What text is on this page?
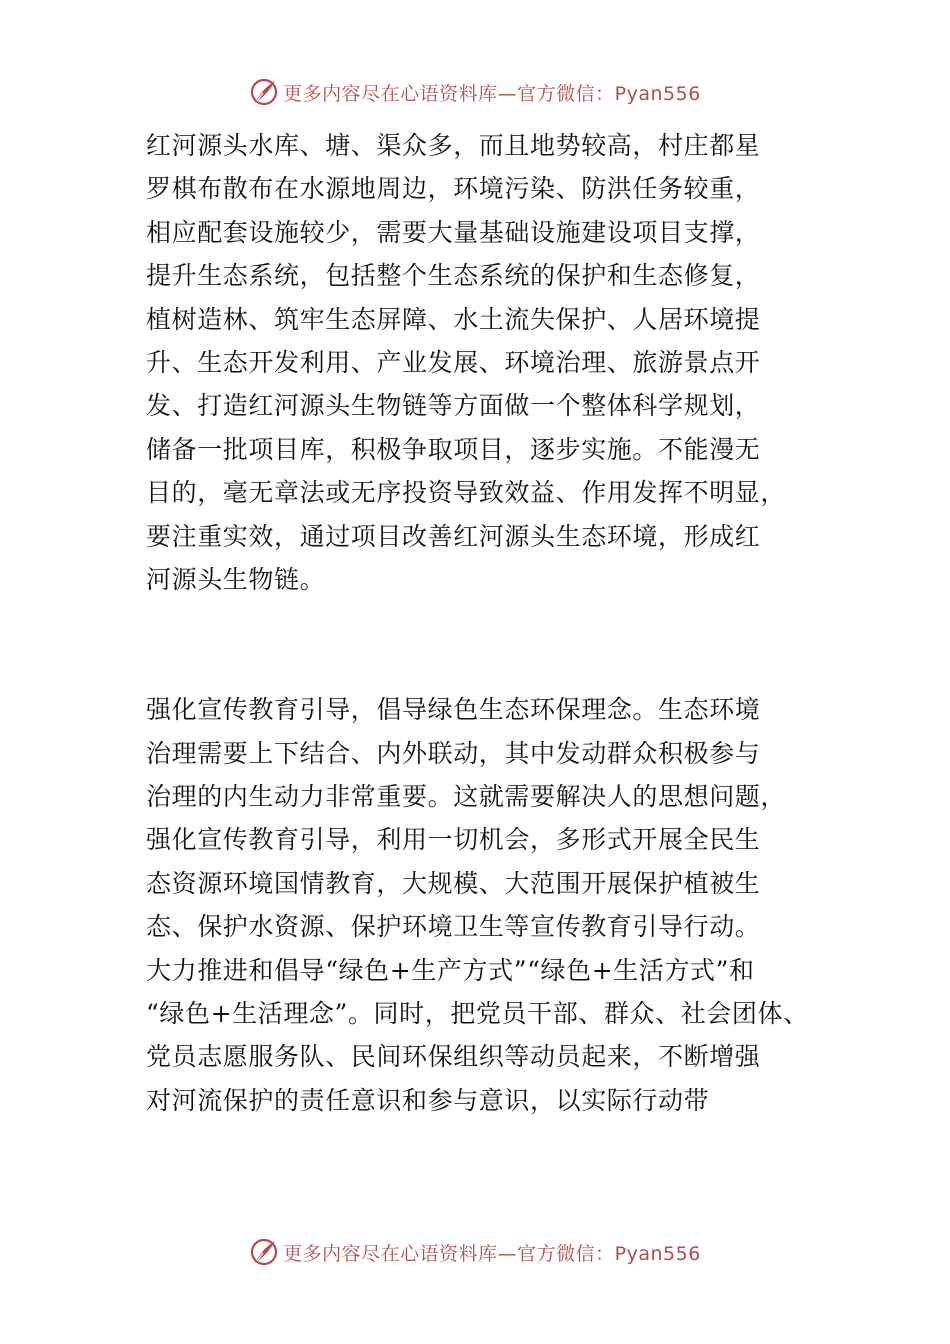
更多内容尽在心语资料库—官方微信：Pyan556
红河源头水库、塘、渠众多，而且地势较高，村庄都星
罗棋布散布在水源地周边，环境污染、防洪任务较重，
相应配套设施较少，需要大量基础设施建设项目支撑，
提升生态系统，包括整个生态系统的保护和生态修复，
植树造林、筑牢生态屏障、水土流失保护、人居环境提
升、生态开发利用、产业发展、环境治理、旅游景点开
发、打造红河源头生物链等方面做一个整体科学规划，
储备一批项目库，积极争取项目，逐步实施。不能漫无
目的，毫无章法或无序投资导致效益、作用发挥不明显，
要注重实效，通过项目改善红河源头生态环境，形成红
河源头生物链。
强化宣传教育引导，倡导绿色生态环保理念。生态环境
治理需要上下结合、内外联动，其中发动群众积极参与
治理的内生动力非常重要。这就需要解决人的思想问题，
强化宣传教育引导，利用一切机会，多形式开展全民生
态资源环境国情教育，大规模、大范围开展保护植被生
态、保护水资源、保护环境卫生等宣传教育引导行动。
大力推进和倡导“绿色+生产方式”“绿色+生活方式”和
“绿色+生活理念”。同时，把党员干部、群众、社会团体、
党员志愿服务队、民间环保组织等动员起来，不断增强
对河流保护的责任意识和参与意识，以实际行动带
更多内容尽在心语资料库—官方微信：Pyan556
